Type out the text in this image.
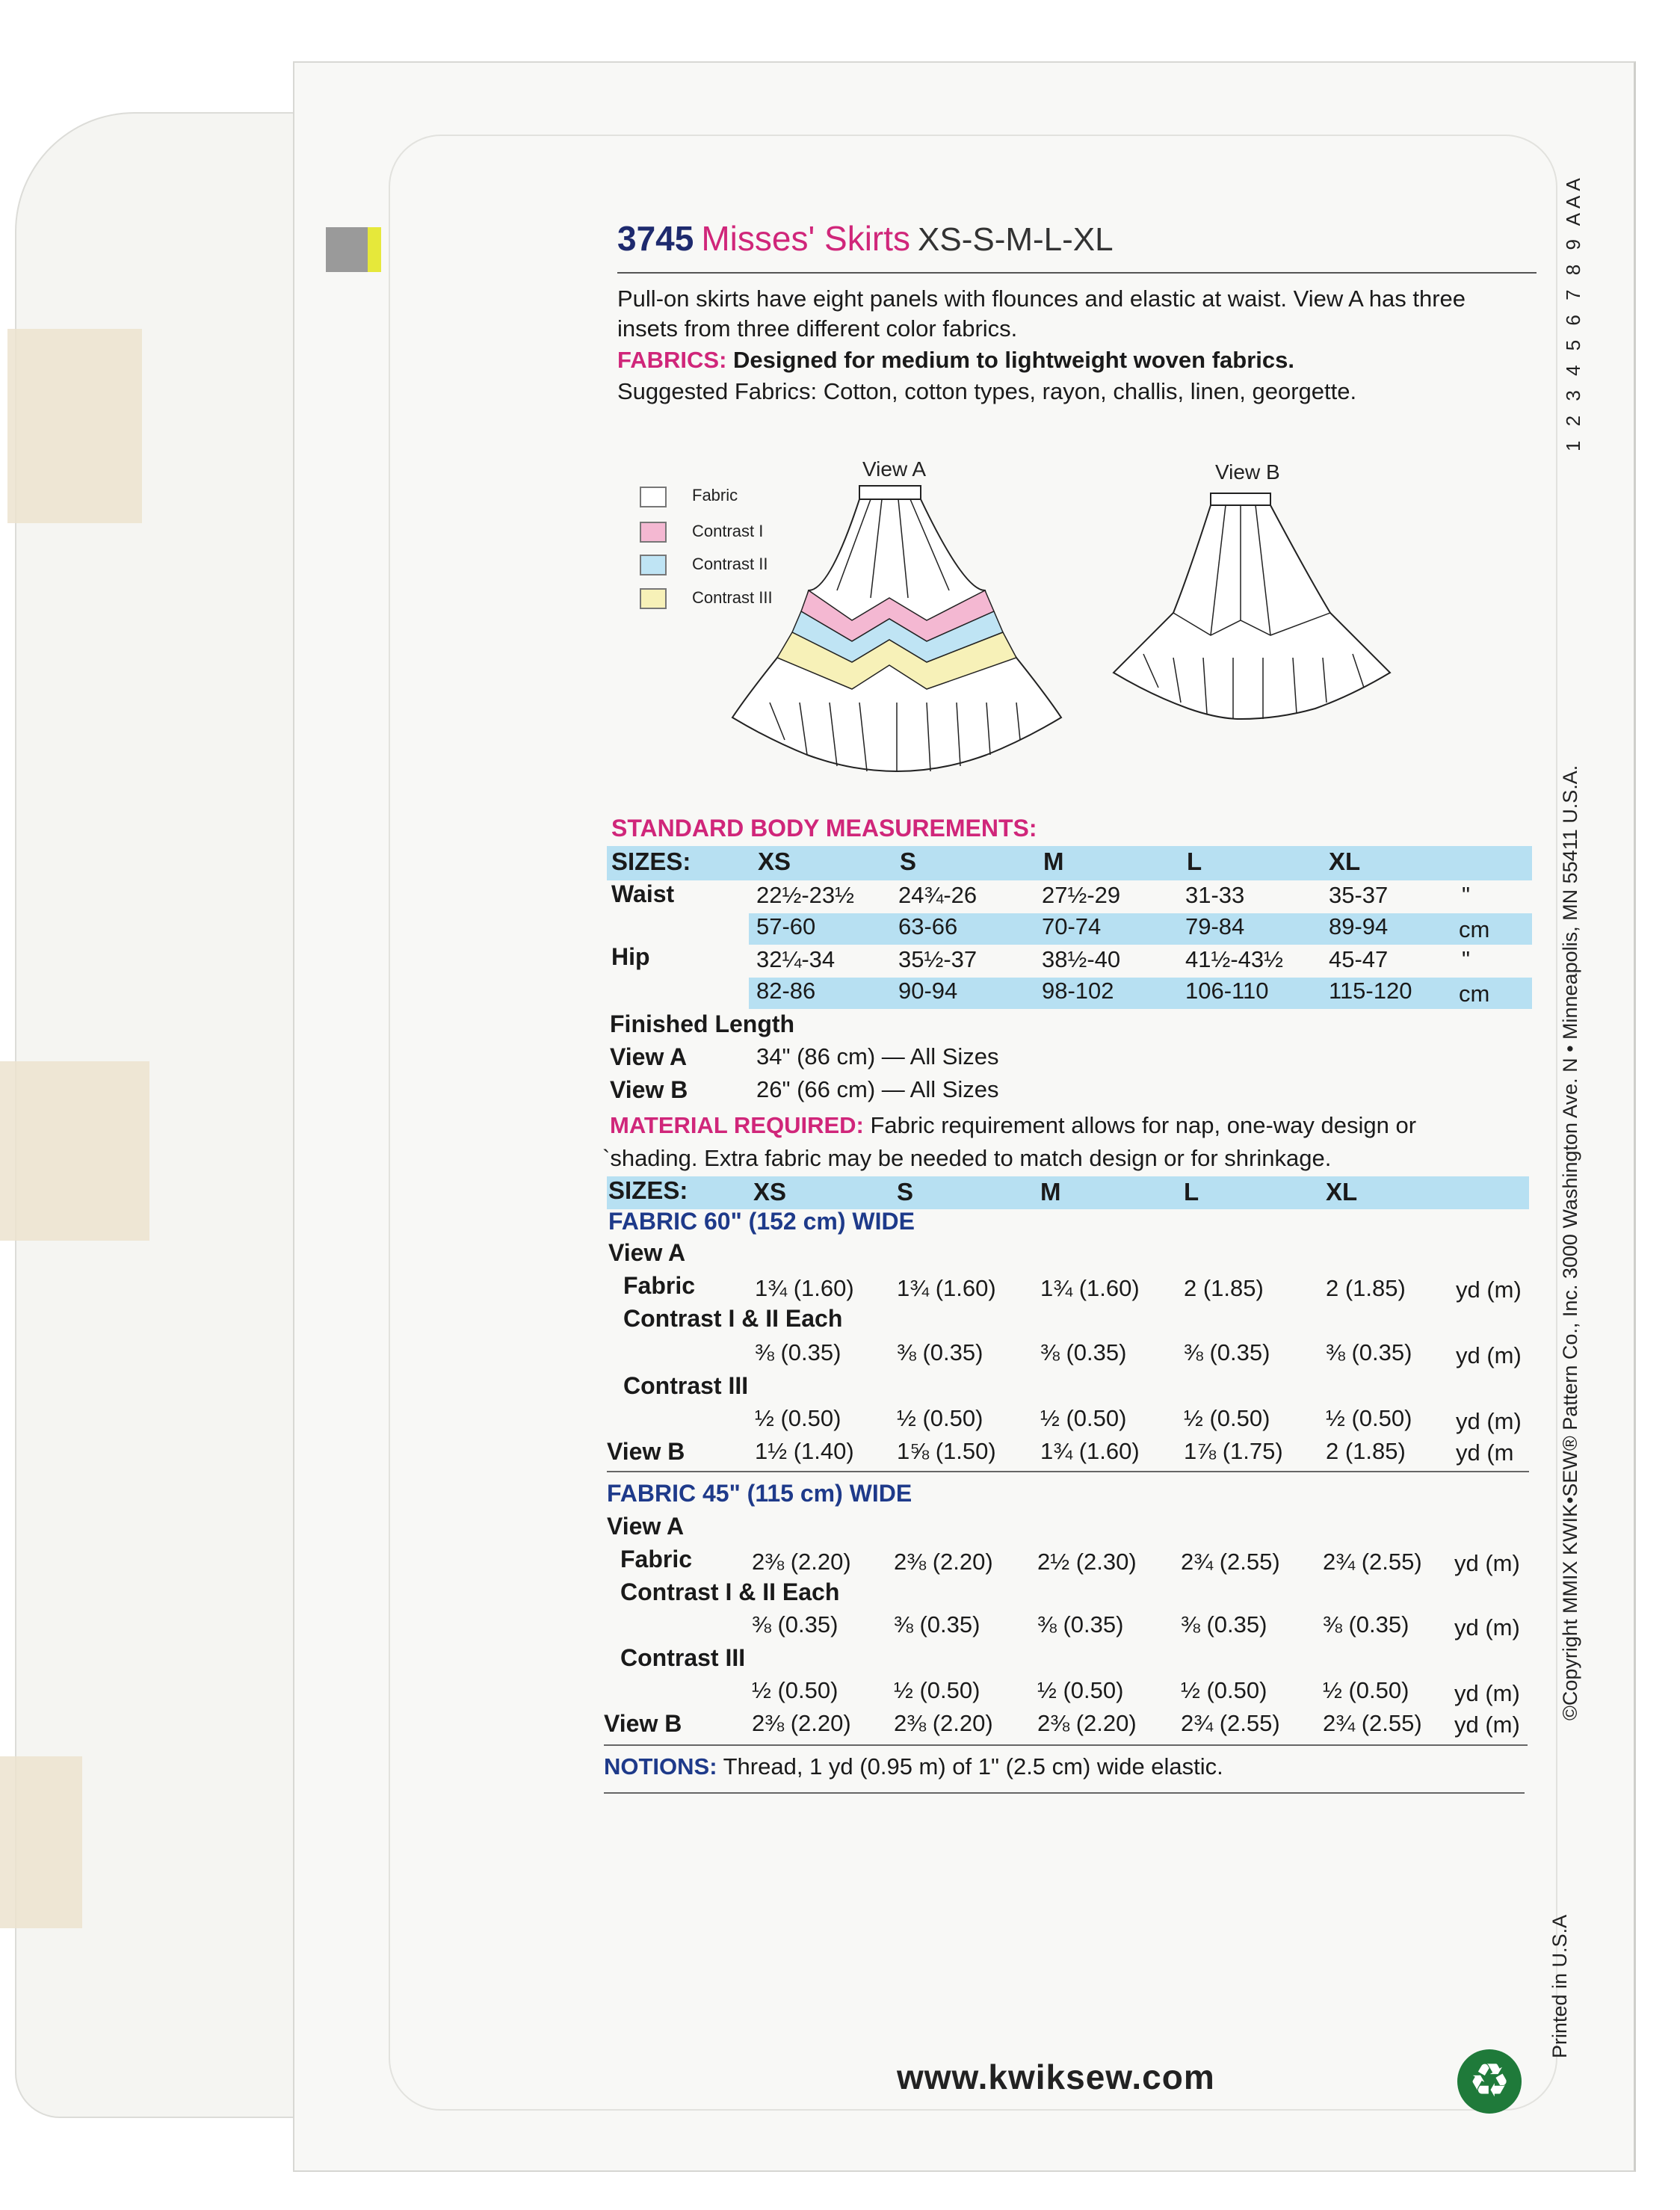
3745 Misses' Skirts XS-S-M-L-XL
Pull-on skirts have eight panels with flounces and elastic at waist. View A has three
insets from three different color fabrics.
FABRICS: Designed for medium to lightweight woven fabrics.
Suggested Fabrics: Cotton, cotton types, rayon, challis, linen, georgette.
Fabric
Contrast I
Contrast II
Contrast III
View A	View B
STANDARD BODY MEASUREMENTS:
SIZES:	XS	S	M	L	XL
Waist	22½-23½ 24¾-26	27½-29	31-33	35-37	"
57-60	63-66	70-74	79-84	89-94	cm
Hip	32¼-34	35½-37	38½-40	41½-43½ 45-47	"
82-86	90-94	98-102	106-110	115-120 cm
Finished Length
View A	34" (86 cm) — All Sizes
View B	26" (66 cm) — All Sizes
MATERIAL REQUIRED: Fabric requirement allows for nap, one-way design or
`shading. Extra fabric may be needed to match design or for shrinkage.
SIZES:	XS	S	M	L	XL
FABRIC 60" (152 cm) WIDE
View A
Fabric	1¾ (1.60) 1¾ (1.60) 1¾ (1.60) 2 (1.85)	2 (1.85) yd (m)
Contrast I & II Each
⅜ (0.35) ⅜ (0.35) ⅜ (0.35) ⅜ (0.35) ⅜ (0.35) yd (m)
Contrast III
½ (0.50) ½ (0.50) ½ (0.50) ½ (0.50) ½ (0.50) yd (m)
View B	1½ (1.40) 1⅝ (1.50) 1¾ (1.60) 1⅞ (1.75) 2 (1.85) yd (m
FABRIC 45" (115 cm) WIDE
View A
Fabric	2⅜ (2.20) 2⅜ (2.20) 2½ (2.30) 2¾ (2.55) 2¾ (2.55) yd (m)
Contrast I & II Each
⅜ (0.35) ⅜ (0.35) ⅜ (0.35) ⅜ (0.35) ⅜ (0.35) yd (m)
Contrast III
½ (0.50) ½ (0.50) ½ (0.50) ½ (0.50) ½ (0.50) yd (m)
View B	2⅜ (2.20) 2⅜ (2.20) 2⅜ (2.20) 2¾ (2.55) 2¾ (2.55) yd (m)
NOTIONS: Thread, 1 yd (0.95 m) of 1" (2.5 cm) wide elastic.
1 2 3 4 5 6 7 8 9 AAA
©Copyright MMIX KWIK•SEW® Pattern Co., Inc. 3000 Washington Ave. N • Minneapolis, MN 55411 U.S.A.
Printed in U.S.A
www.kwiksew.com	♻
